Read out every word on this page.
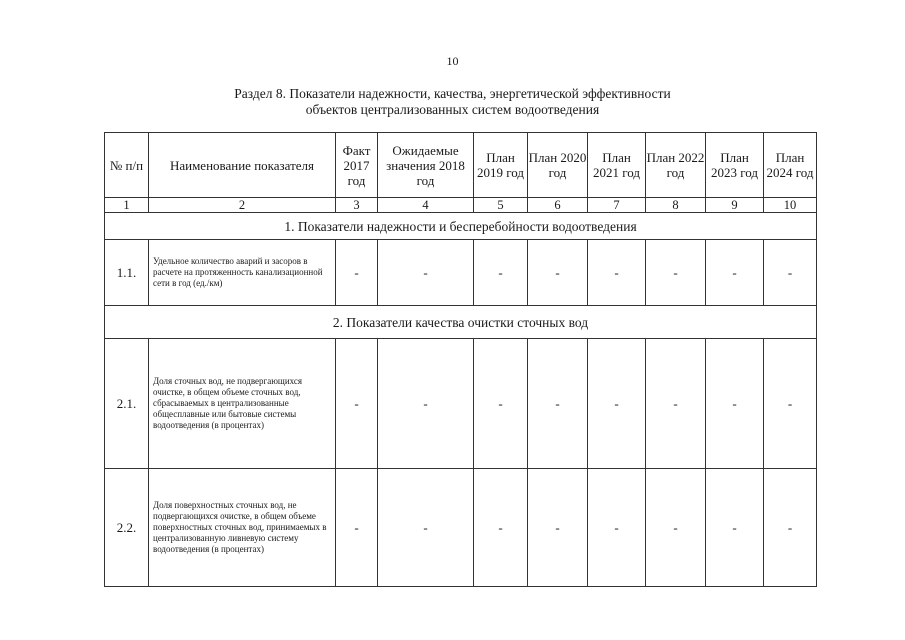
10
Раздел 8. Показатели надежности, качества, энергетической эффективности
объектов централизованных систем водоотведения
№ п/п	Наименование показателя	Факт 2017 год	Ожидаемые значения 2018 год	План 2019 год	План 2020 год	План 2021 год	План 2022 год	План 2023 год	План 2024 год
1	2	3	4	5	6	7	8	9	10
1. Показатели надежности и бесперебойности водоотведения									
1.1.	Удельное количество аварий и засоров в расчете на протяженность канализационной сети в год (ед./км)	-	-	-	-	-	-	-	-
2. Показатели качества очистки сточных вод									
2.1.	Доля сточных вод, не подвергающихся очистке, в общем объеме сточных вод, сбрасываемых в централизованные общесплавные или бытовые системы водоотведения (в процентах)	-	-	-	-	-	-	-	-
2.2.	Доля поверхностных сточных вод, не подвергающихся очистке, в общем объеме поверхностных сточных вод, принимаемых в централизованную ливневую систему водоотведения (в процентах)	-	-	-	-	-	-	-	-
